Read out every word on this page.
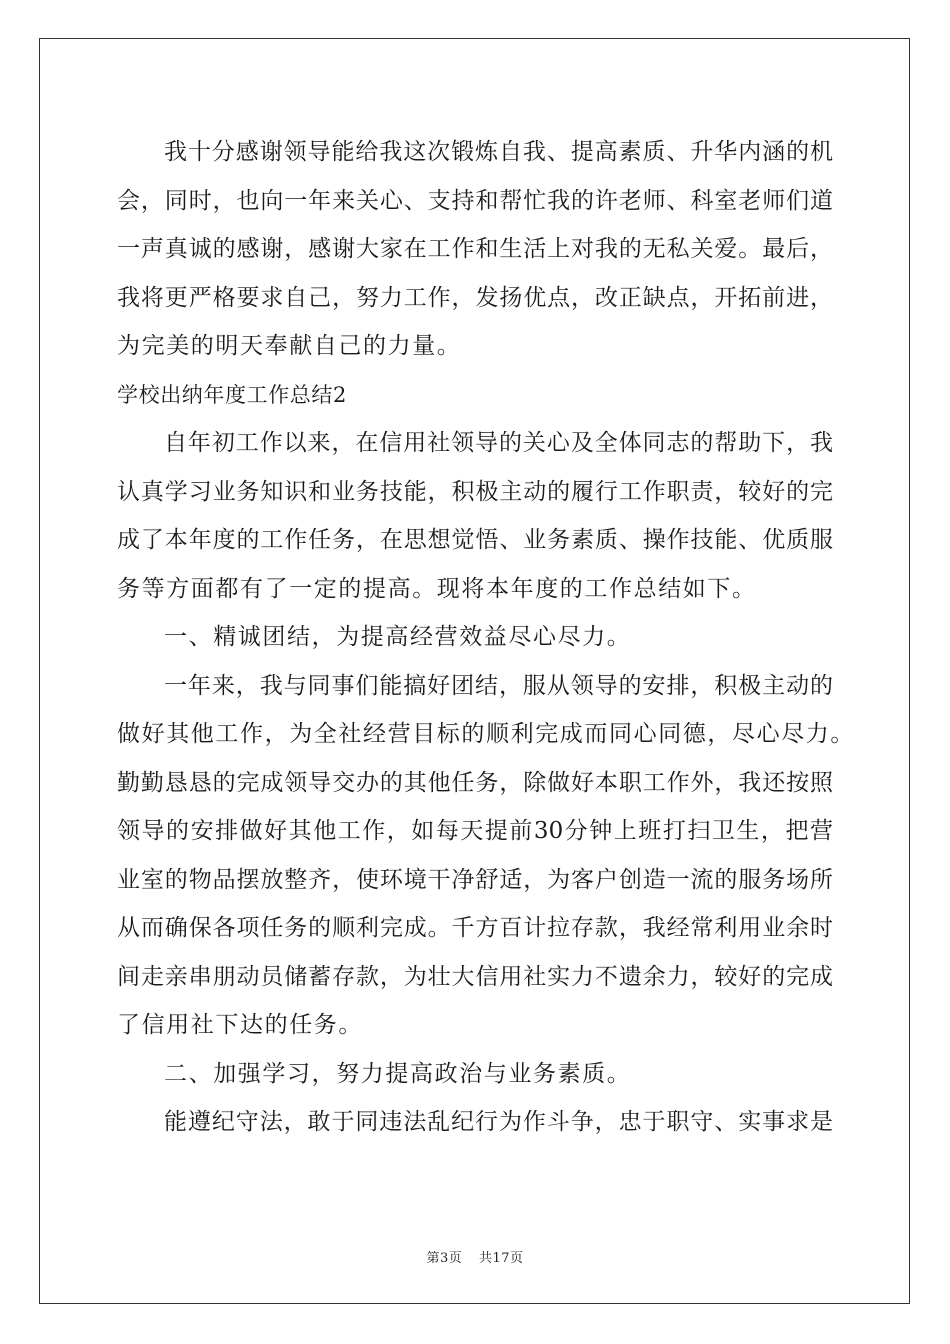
我十分感谢领导能给我这次锻炼自我、提高素质、升华内涵的机
会，同时，也向一年来关心、支持和帮忙我的许老师、科室老师们道
一声真诚的感谢，感谢大家在工作和生活上对我的无私关爱。最后，
我将更严格要求自己，努力工作，发扬优点，改正缺点，开拓前进，
为完美的明天奉献自己的力量。
学校出纳年度工作总结2
自年初工作以来，在信用社领导的关心及全体同志的帮助下，我
认真学习业务知识和业务技能，积极主动的履行工作职责，较好的完
成了本年度的工作任务，在思想觉悟、业务素质、操作技能、优质服
务等方面都有了一定的提高。现将本年度的工作总结如下。
一、精诚团结，为提高经营效益尽心尽力。
一年来，我与同事们能搞好团结，服从领导的安排，积极主动的
做好其他工作，为全社经营目标的顺利完成而同心同德，尽心尽力。
勤勤恳恳的完成领导交办的其他任务，除做好本职工作外，我还按照
领导的安排做好其他工作，如每天提前30分钟上班打扫卫生，把营
业室的物品摆放整齐，使环境干净舒适，为客户创造一流的服务场所
从而确保各项任务的顺利完成。千方百计拉存款，我经常利用业余时
间走亲串朋动员储蓄存款，为壮大信用社实力不遗余力，较好的完成
了信用社下达的任务。
二、加强学习，努力提高政治与业务素质。
能遵纪守法，敢于同违法乱纪行为作斗争，忠于职守、实事求是
第3页 共17页
